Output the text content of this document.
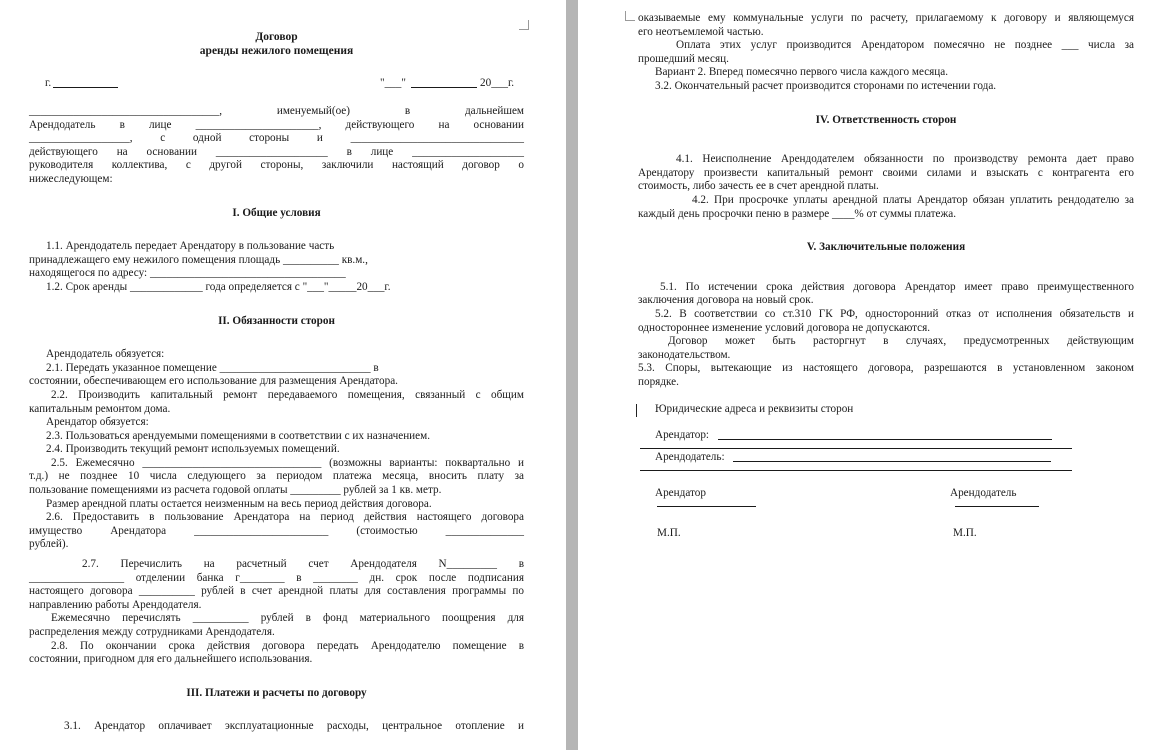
Договор

аренды нежилого помещения

г.	"___"	20___г.

__________________________________, именуемый(ое) в дальнейшем

Арендодатель в лице ______________________, действующего на основании

__________________, с одной стороны и _______________________________

действующего на основании ____________________ в лице ____________________

руководителя коллектива, с другой стороны, заключили настоящий договор о

нижеследующем:

I. Общие условия

1.1. Арендодатель передает Арендатору в пользование часть

принадлежащего ему нежилого помещения площадь __________ кв.м.,

находящегося по адресу: ___________________________________

1.2. Срок аренды _____________ года определяется с "___"_____20___г.

II. Обязанности сторон

Арендодатель обязуется:

2.1. Передать указанное помещение ___________________________ в

состоянии, обеспечивающем его использование для размещения Арендатора.

2.2. Производить капитальный ремонт передаваемого помещения, связанный с общим

капитальным ремонтом дома.

Арендатор обязуется:

2.3. Пользоваться арендуемыми помещениями в соответствии с их назначением.

2.4. Производить текущий ремонт используемых помещений.

2.5. Ежемесячно ________________________________ (возможны варианты: поквартально и

т.д.) не позднее 10 числа следующего за периодом платежа месяца, вносить плату за

пользование помещениями из расчета годовой оплаты _________ рублей за 1 кв. метр.

Размер арендной платы остается неизменным на весь период действия договора.

2.6. Предоставить в пользование Арендатора на период действия настоящего договора

имущество Арендатора ________________________ (стоимостью ______________

рублей).

2.7. Перечислить на расчетный счет Арендодателя N_________ в

_________________ отделении банка г________ в ________ дн. срок после подписания

настоящего договора __________ рублей в счет арендной платы для составления программы по

направлению работы Арендодателя.

Ежемесячно перечислять __________ рублей в фонд материального поощрения для

распределения между сотрудниками Арендодателя.

2.8. По окончании срока действия договора передать Арендодателю помещение в

состоянии, пригодном для его дальнейшего использования.

III. Платежи и расчеты по договору

3.1. Арендатор оплачивает эксплуатационные расходы, центральное отопление и

оказываемые ему коммунальные услуги по расчету, прилагаемому к договору и являющемуся

его неотъемлемой частью.

Оплата этих услуг производится Арендатором помесячно не позднее ___ числа за

прошедший месяц.

Вариант 2. Вперед помесячно первого числа каждого месяца.

3.2. Окончательный расчет производится сторонами по истечении года.

IV. Ответственность сторон

4.1. Неисполнение Арендодателем обязанности по производству ремонта дает право

Арендатору произвести капитальный ремонт своими силами и взыскать с контрагента его

стоимость, либо зачесть ее в счет арендной платы.

4.2. При просрочке уплаты арендной платы Арендатор обязан уплатить рендодателю за

каждый день просрочки пеню в размере ____% от суммы платежа.

V. Заключительные положения

5.1. По истечении срока действия договора Арендатор имеет право преимущественного

заключения договора на новый срок.

5.2. В соответствии со ст.310 ГК РФ, односторонний отказ от исполнения обязательств и

одностороннее изменение условий договора не допускаются.

Договор может быть расторгнут в случаях, предусмотренных действующим

законодательством.

5.3. Споры, вытекающие из настоящего договора, разрешаются в установленном законом

порядке.

Юридические адреса и реквизиты сторон

Арендатор:
Арендодатель:
Арендатор
М.П.
Арендодатель
М.П.
